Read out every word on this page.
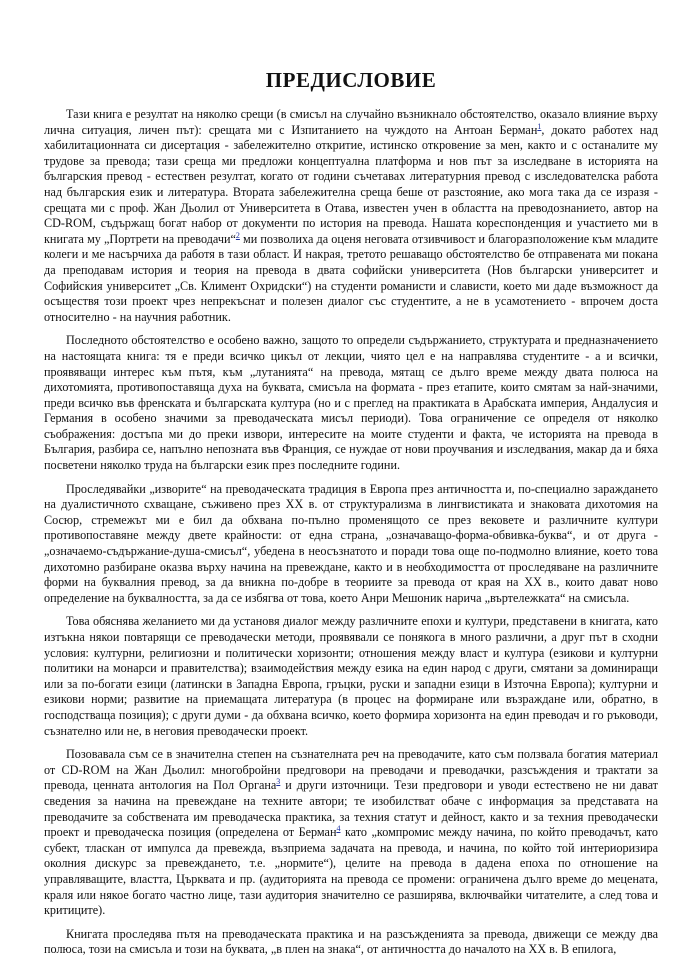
ПРЕДИСЛОВИЕ

Тази книга е резултат на няколко срещи (в смисъл на случайно възникнало обстоятелство, оказало влияние върху лична ситуация, личен път): срещата ми с Изпитанието на чуждото на Антоан Берман$^1$, докато работех над хабилитационната си дисертация - забележително откритие, истинско откровение за мен, както и с останалите му трудове за превода; тази среща ми предложи концептуална платформа и нов път за изследване в историята на българския превод - естествен резултат, когато от години съчетавах литературния превод с изследователска работа над българския език и литература. Втората забележителна среща беше от разстояние, ако мога така да се изразя - срещата ми с проф. Жан Дьолил от Университета в Отава, известен учен в областта на преводознанието, автор на CD-ROM, съдържащ богат набор от документи по история на превода. Нашата кореспонденция и участието ми в книгата му „Портрети на преводачи“$^2$ ми позволиха да оценя неговата отзивчивост и благоразположение към младите колеги и ме насърчиха да работя в тази област. И накрая, третото решаващо обстоятелство бе отправената ми покана да преподавам история и теория на превода в двата софийски университета (Нов български университет и Софийския университет „Св. Климент Охридски“) на студенти романисти и слависти, което ми даде възможност да осъществя този проект чрез непрекъснат и полезен диалог със студентите, а не в усамотението - впрочем доста относително - на научния работник.

Последното обстоятелство е особено важно, защото то определи съдържанието, структурата и предназначението на настоящата книга: тя е преди всичко цикъл от лекции, чиято цел е на направлява студентите - а и всички, проявяващи интерес към пътя, към „лутанията“ на превода, мятащ се дълго време между двата полюса на дихотомията, противопоставяща духа на буквата, смисъла на формата - през етапите, които смятам за най-значими, преди всичко във френската и българската култура (но и с преглед на практиката в Арабската империя, Андалусия и Германия в особено значими за преводаческата мисъл периоди). Това ограничение се определя от няколко съображения: достъпа ми до преки извори, интересите на моите студенти и факта, че историята на превода в България, разбира се, напълно непозната във Франция, се нуждае от нови проучвания и изследвания, макар да и бяха посветени няколко труда на български език през последните години.

Проследявайки „изворите“ на преводаческата традиция в Европа през античността и, по-специално зараждането на дуалистичното схващане, съживено през XX в. от структурализма в лингвистиката и знаковата дихотомия на Сосюр, стремежът ми е бил да обхвана по-пълно променящото се през вековете и различните култури противопоставяне между двете крайности: от една страна, „означаващо-форма-обвивка-буква“, и от друга - „означаемо-съдържание-душа-смисъл“, убедена в неосъзнатото и поради това още по-подмолно влияние, което това дихотомно разбиране оказва върху начина на превеждане, както и в необходимостта от проследяване на различните форми на буквалния превод, за да вникна по-добре в теориите за превода от края на XX в., които дават ново определение на буквалността, за да се избягва от това, което Анри Мешоник нарича „въртележката“ на смисъла.

Това обяснява желанието ми да установя диалог между различните епохи и култури, представени в книгата, като изтъкна някои повтарящи се преводачески методи, проявявали се понякога в много различни, а друг път в сходни условия: културни, религиозни и политически хоризонти; отношения между власт и култура (езикови и културни политики на монарси и правителства); взаимодействия между езика на един народ с други, смятани за доминиращи или за по-богати езици (латински в Западна Европа, гръцки, руски и западни езици в Източна Европа); културни и езикови норми; развитие на приемащата литература (в процес на формиране или възраждане или, обратно, в господстваща позиция); с други думи - да обхвана всичко, което формира хоризонта на един преводач и го ръководи, съзнателно или не, в неговия преводачески проект.

Позовавала съм се в значителна степен на съзнателната реч на преводачите, като съм ползвала богатия материал от CD-ROM на Жан Дьолил: многобройни предговори на преводачи и преводачки, разсъждения и трактати за превода, ценната антология на Пол Органа$^3$ и други източници. Тези предговори и уводи естествено не ни дават сведения за начина на превеждане на техните автори; те изобилстват обаче с информация за представата на преводачите за собствената им преводаческа практика, за техния статут и дейност, както и за техния преводачески проект и преводаческа позиция (определена от Берман$^4$ като „компромис между начина, по който преводачът, като субект, тласкан от импулса да превежда, възприема задачата на превода, и начина, по който той интериоризира околния дискурс за превеждането, т.е. „нормите“), целите на превода в дадена епоха по отношение на управляващите, властта, Църквата и пр. (аудиторията на превода се промени: ограничена дълго време до мецената, краля или някое богато частно лице, тази аудитория значително се разширява, включвайки читателите, а след това и критиците).

Книгата проследява пътя на преводаческата практика и на разсъжденията за превода, движещи се между два полюса, този на смисъла и този на буквата, „в плен на знака“, от античността до началото на XX в. В епилога,
